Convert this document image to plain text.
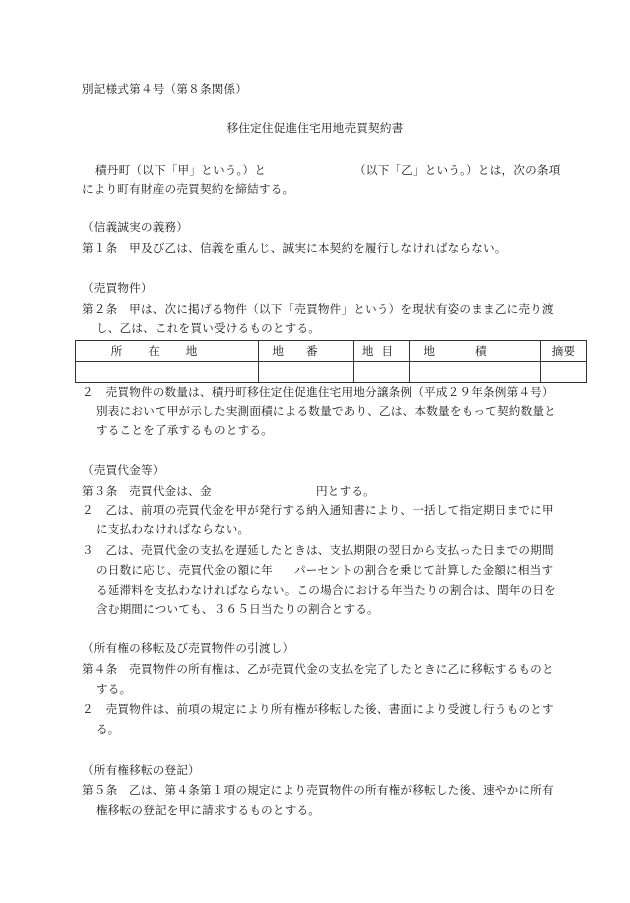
別記様式第４号（第８条関係）
移住定住促進住宅用地売買契約書
積丹町（以下「甲」という。）と	（以下「乙」という。）とは，次の条項
により町有財産の売買契約を締結する。
（信義誠実の義務）
第１条　甲及び乙は、信義を重んじ、誠実に本契約を履行しなければならない。
（売買物件）
第２条　甲は、次に掲げる物件（以下「売買物件」という）を現状有姿のまま乙に売り渡
し、乙は、これを買い受けるものとする。
所在地	地番	地目	地積	摘要

２　売買物件の数量は、積丹町移住定住促進住宅用地分譲条例（平成２９年条例第４号）
別表において甲が示した実測面積による数量であり、乙は、本数量をもって契約数量と
することを了承するものとする。
（売買代金等）
第３条　売買代金は、金	円とする。
２　乙は、前項の売買代金を甲が発行する納入通知書により、一括して指定期日までに甲
に支払わなければならない。
３　乙は、売買代金の支払を遅延したときは、支払期限の翌日から支払った日までの期間
の日数に応じ、売買代金の額に年 パーセントの割合を乗じて計算した金額に相当す
る延滞料を支払わなければならない。この場合における年当たりの割合は、閏年の日を
含む期間についても、３６５日当たりの割合とする。
（所有権の移転及び売買物件の引渡し）
第４条　売買物件の所有権は、乙が売買代金の支払を完了したときに乙に移転するものと
する。
２　売買物件は、前項の規定により所有権が移転した後、書面により受渡し行うものとす
る。
（所有権移転の登記）
第５条　乙は、第４条第１項の規定により売買物件の所有権が移転した後、速やかに所有
権移転の登記を甲に請求するものとする。
